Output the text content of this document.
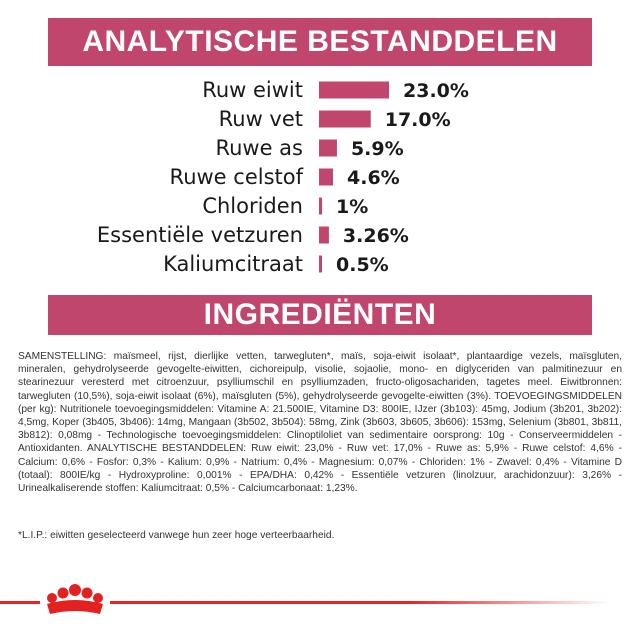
ANALYTISCHE BESTANDDELEN
Ruw eiwit	23.0%
Ruw vet	17.0%
Ruwe as	5.9%
Ruwe celstof 4.6%
Chloriden 1%
Essentiële vetzuren 3.26%
Kaliumcitraat 0.5%
INGREDIËNTEN
SAMENSTELLING: maïsmeel, rijst, dierlijke vetten, tarwegluten*, maïs, soja-eiwit isolaat*, plantaardige vezels, maïsgluten, mineralen, gehydrolyseerde gevogelte-eiwitten, cichoreipulp, visolie, sojaolie, mono- en diglyceriden van palmitinezuur en stearinezuur veresterd met citroenzuur, psylliumschil en psylliumzaden, fructo-oligosachariden, tagetes meel. Eiwitbronnen: tarwegluten (10,5%), soja-eiwit isolaat (6%), maïsgluten (5%), gehydrolyseerde gevogelte-eiwitten (3%). TOEVOEGINGSMIDDELEN (per kg): Nutritionele toevoegingsmiddelen: Vitamine A: 21.500IE, Vitamine D3: 800IE, IJzer (3b103): 45mg, Jodium (3b201, 3b202): 4,5mg, Koper (3b405, 3b406): 14mg, Mangaan (3b502, 3b504): 58mg, Zink (3b603, 3b605, 3b606): 153mg, Selenium (3b801, 3b811, 3b812): 0,08mg - Technologische toevoegingsmiddelen: Clinoptiloliet van sedimentaire oorsprong: 10g - Conserveermiddelen - Antioxidanten. ANALYTISCHE BESTANDDELEN: Ruw eiwit: 23,0% - Ruw vet: 17,0% - Ruwe as: 5,9% - Ruwe celstof: 4,6% - Calcium: 0,6% - Fosfor: 0,3% - Kalium: 0,9% - Natrium: 0,4% - Magnesium: 0,07% - Chloriden: 1% - Zwavel: 0,4% - Vitamine D (totaal): 800IE/kg - Hydroxyproline: 0,001% - EPA/DHA: 0,42% - Essentiële vetzuren (linolzuur, arachidonzuur): 3,26% - Urinealkaliserende stoffen: Kaliumcitraat: 0,5% - Calciumcarbonaat: 1,23%.
*L.I.P.: eiwitten geselecteerd vanwege hun zeer hoge verteerbaarheid.
